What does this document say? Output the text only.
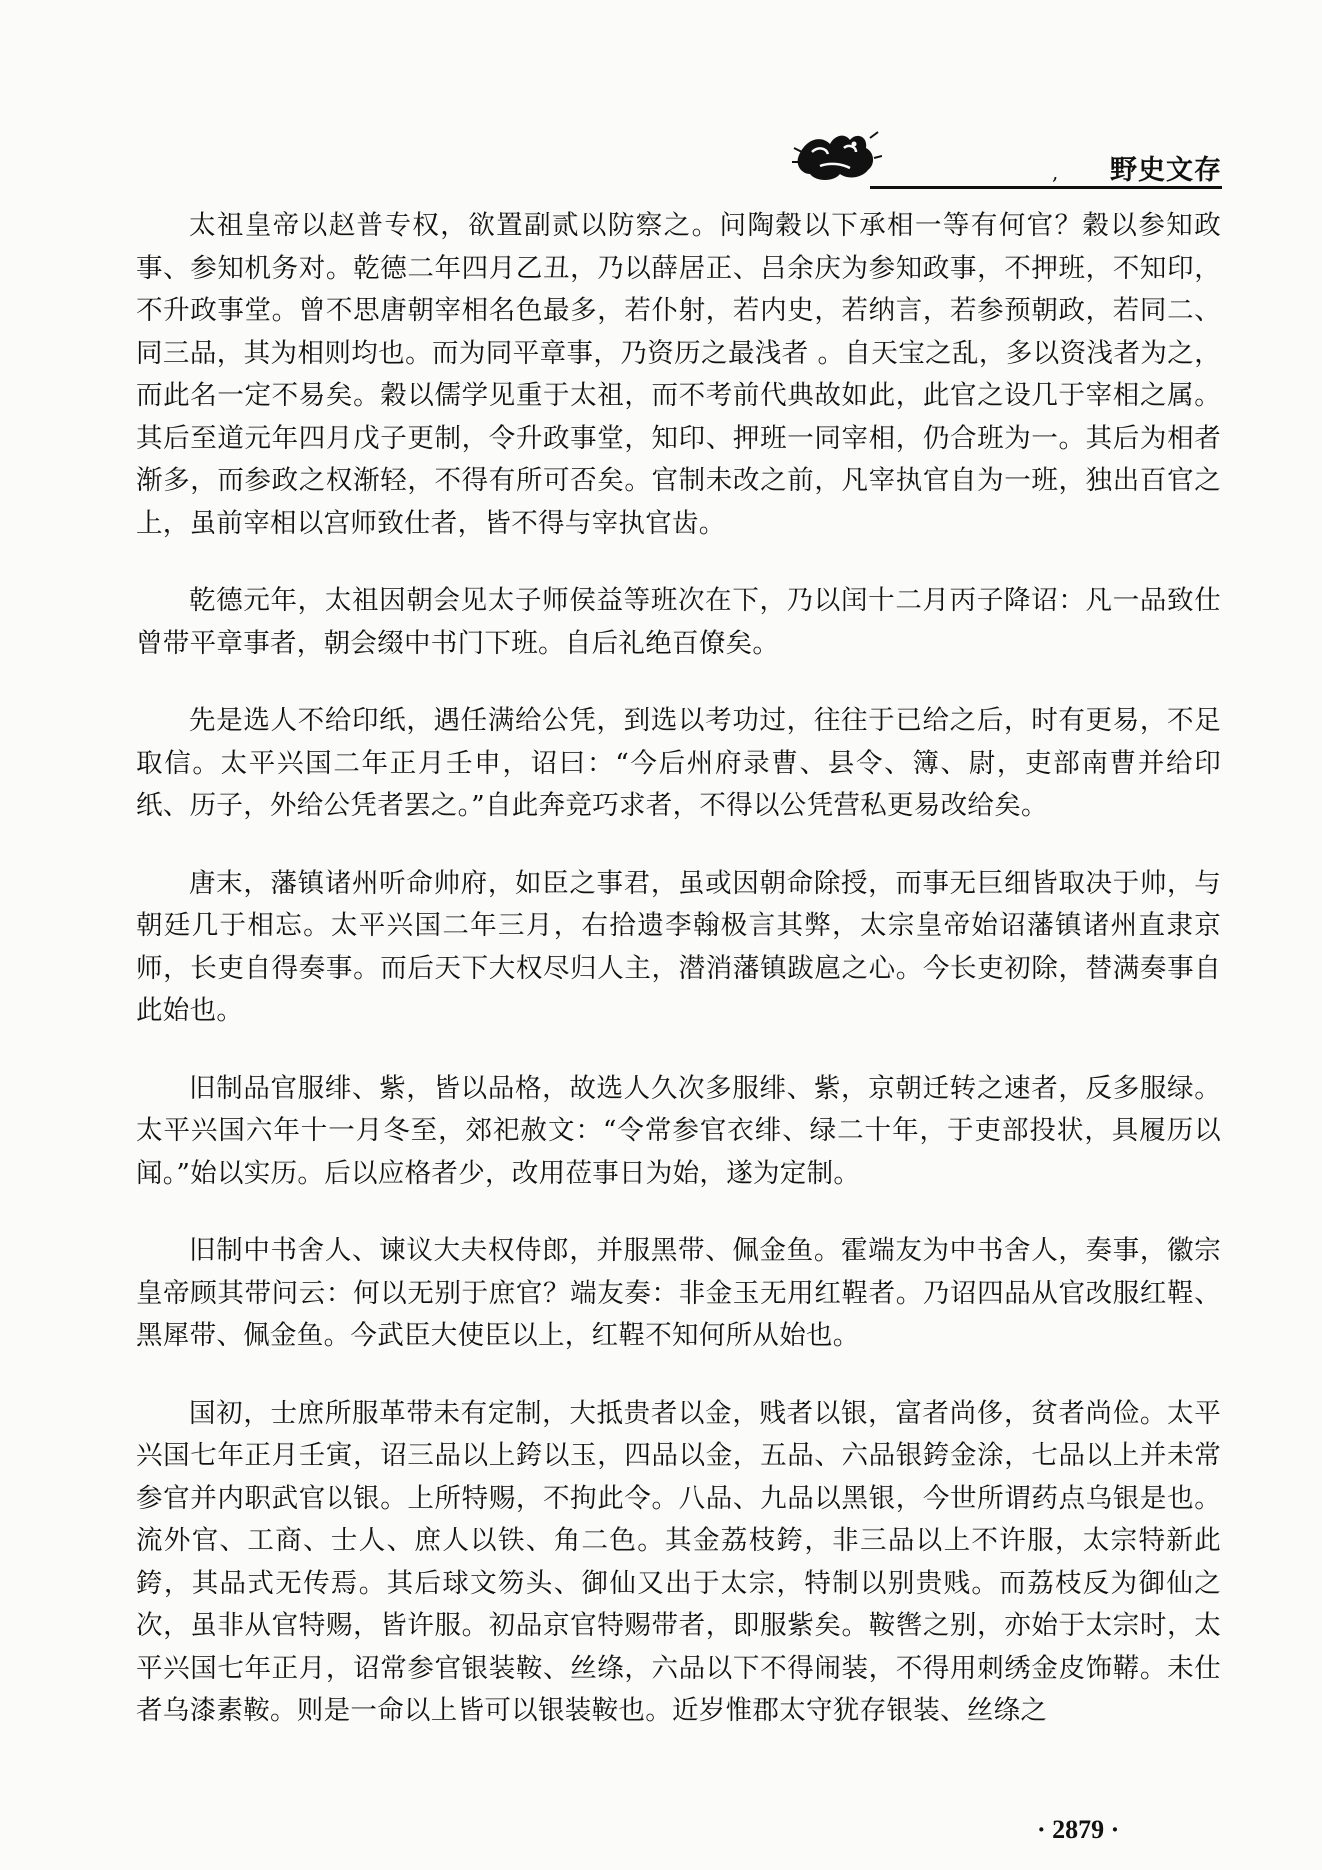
, 野史文存

太祖皇帝以赵普专权，欲置副贰以防察之。问陶穀以下承相一等有何官？穀以参知政事、参知机务对。乾德二年四月乙丑，乃以薛居正、吕余庆为参知政事，不押班，不知印，不升政事堂。曾不思唐朝宰相名色最多，若仆射，若内史，若纳言，若参预朝政，若同二、同三品，其为相则均也。而为同平章事，乃资历之最浅者 。自天宝之乱，多以资浅者为之，而此名一定不易矣。穀以儒学见重于太祖，而不考前代典故如此，此官之设几于宰相之属。其后至道元年四月戊子更制，令升政事堂，知印、押班一同宰相，仍合班为一。其后为相者渐多，而参政之权渐轻，不得有所可否矣。官制未改之前，凡宰执官自为一班，独出百官之上，虽前宰相以宫师致仕者，皆不得与宰执官齿。

乾德元年，太祖因朝会见太子师侯益等班次在下，乃以闰十二月丙子降诏：凡一品致仕曾带平章事者，朝会缀中书门下班。自后礼绝百僚矣。

先是选人不给印纸，遇任满给公凭，到选以考功过，往往于已给之后，时有更易，不足取信。太平兴国二年正月壬申，诏曰：“今后州府录曹、县令、簿、尉，吏部南曹并给印纸、历子，外给公凭者罢之。”自此奔竞巧求者，不得以公凭营私更易改给矣。

唐末，藩镇诸州听命帅府，如臣之事君，虽或因朝命除授，而事无巨细皆取决于帅，与朝廷几于相忘。太平兴国二年三月，右拾遗李翰极言其弊，太宗皇帝始诏藩镇诸州直隶京师，长吏自得奏事。而后天下大权尽归人主，潜消藩镇跋扈之心。今长吏初除，替满奏事自此始也。

旧制品官服绯、紫，皆以品格，故选人久次多服绯、紫，京朝迁转之速者，反多服绿。太平兴国六年十一月冬至，郊祀赦文：“令常参官衣绯、绿二十年，于吏部投状，具履历以闻。”始以实历。后以应格者少，改用莅事日为始，遂为定制。

旧制中书舍人、谏议大夫权侍郎，并服黑带、佩金鱼。霍端友为中书舍人，奏事，徽宗皇帝顾其带问云：何以无别于庶官？端友奏：非金玉无用红鞓者。乃诏四品从官改服红鞓、黑犀带、佩金鱼。今武臣大使臣以上，红鞓不知何所从始也。

国初，士庶所服革带未有定制，大抵贵者以金，贱者以银，富者尚侈，贫者尚俭。太平兴国七年正月壬寅，诏三品以上銙以玉，四品以金，五品、六品银銙金涂，七品以上并未常参官并内职武官以银。上所特赐，不拘此令。八品、九品以黑银，今世所谓药点乌银是也。流外官、工商、士人、庶人以铁、角二色。其金荔枝銙，非三品以上不许服，太宗特新此銙，其品式无传焉。其后球文笏头、御仙又出于太宗，特制以别贵贱。而荔枝反为御仙之次，虽非从官特赐，皆许服。初品京官特赐带者，即服紫矣。鞍辔之别，亦始于太宗时，太平兴国七年正月，诏常参官银装鞍、丝绦，六品以下不得闹装，不得用刺绣金皮饰鞯。未仕者乌漆素鞍。则是一命以上皆可以银装鞍也。近岁惟郡太守犹存银装、丝绦之

· 2879 ·
